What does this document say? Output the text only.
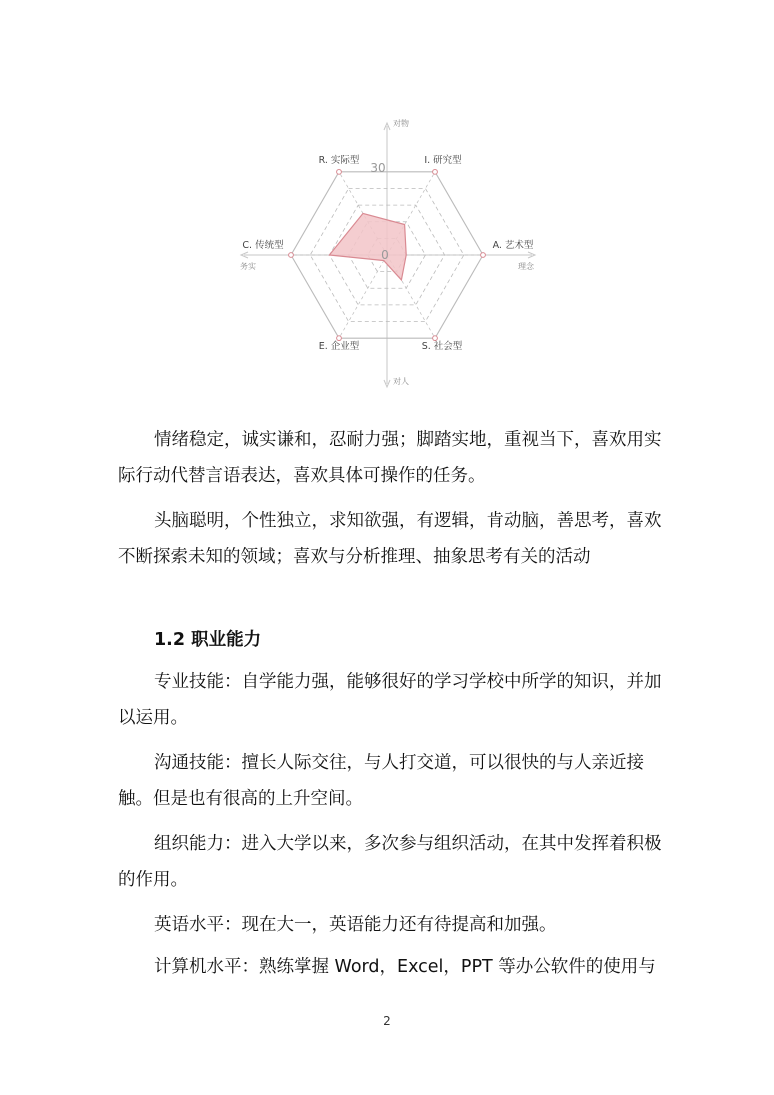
30
0
R. 实际型	I. 研究型
A. 艺术型
S. 社会型
E. 企业型
C. 传统型
对物
对人
务实	理念

情绪稳定，诚实谦和，忍耐力强；脚踏实地，重视当下，喜欢用实际行动代替言语表达，喜欢具体可操作的任务。

头脑聪明，个性独立，求知欲强，有逻辑，肯动脑，善思考，喜欢不断探索未知的领域；喜欢与分析推理、抽象思考有关的活动

1.2 职业能力

专业技能：自学能力强，能够很好的学习学校中所学的知识，并加以运用。

沟通技能：擅长人际交往，与人打交道，可以很快的与人亲近接触。但是也有很高的上升空间。

组织能力：进入大学以来，多次参与组织活动，在其中发挥着积极的作用。

英语水平：现在大一，英语能力还有待提高和加强。

计算机水平：熟练掌握 Word，Excel，PPT 等办公软件的使用与

2
